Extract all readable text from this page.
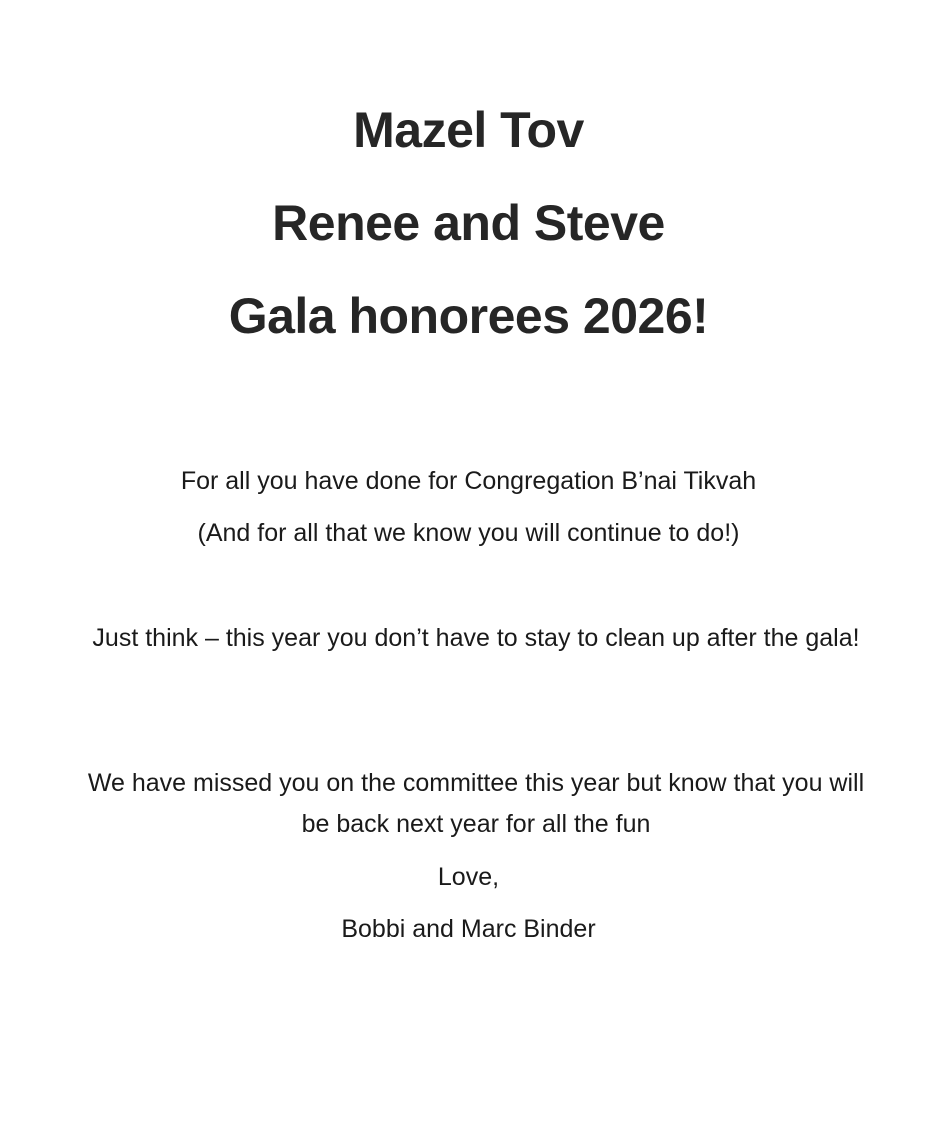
Mazel Tov
Renee and Steve
Gala honorees 2026!

For all you have done for Congregation B’nai Tikvah

(And for all that we know you will continue to do!)

Just think – this year you don’t have to stay to clean up after the gala!

We have missed you on the committee this year but know that you will be back next year for all the fun

Love,

Bobbi and Marc Binder
